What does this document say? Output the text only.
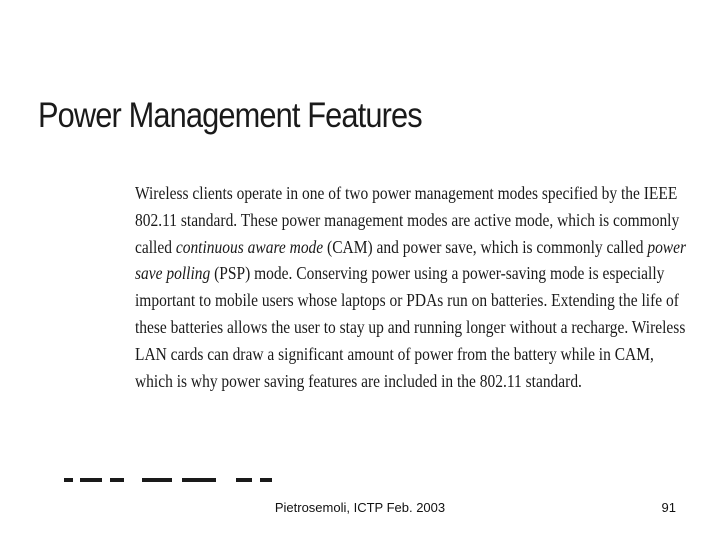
Power Management Features
Wireless clients operate in one of two power management modes specified by the IEEE
802.11 standard. These power management modes are active mode, which is commonly
called continuous aware mode (CAM) and power save, which is commonly called power
save polling (PSP) mode. Conserving power using a power-saving mode is especially
important to mobile users whose laptops or PDAs run on batteries. Extending the life of
these batteries allows the user to stay up and running longer without a recharge. Wireless
LAN cards can draw a significant amount of power from the battery while in CAM,
which is why power saving features are included in the 802.11 standard.
Pietrosemoli, ICTP Feb. 2003	91
